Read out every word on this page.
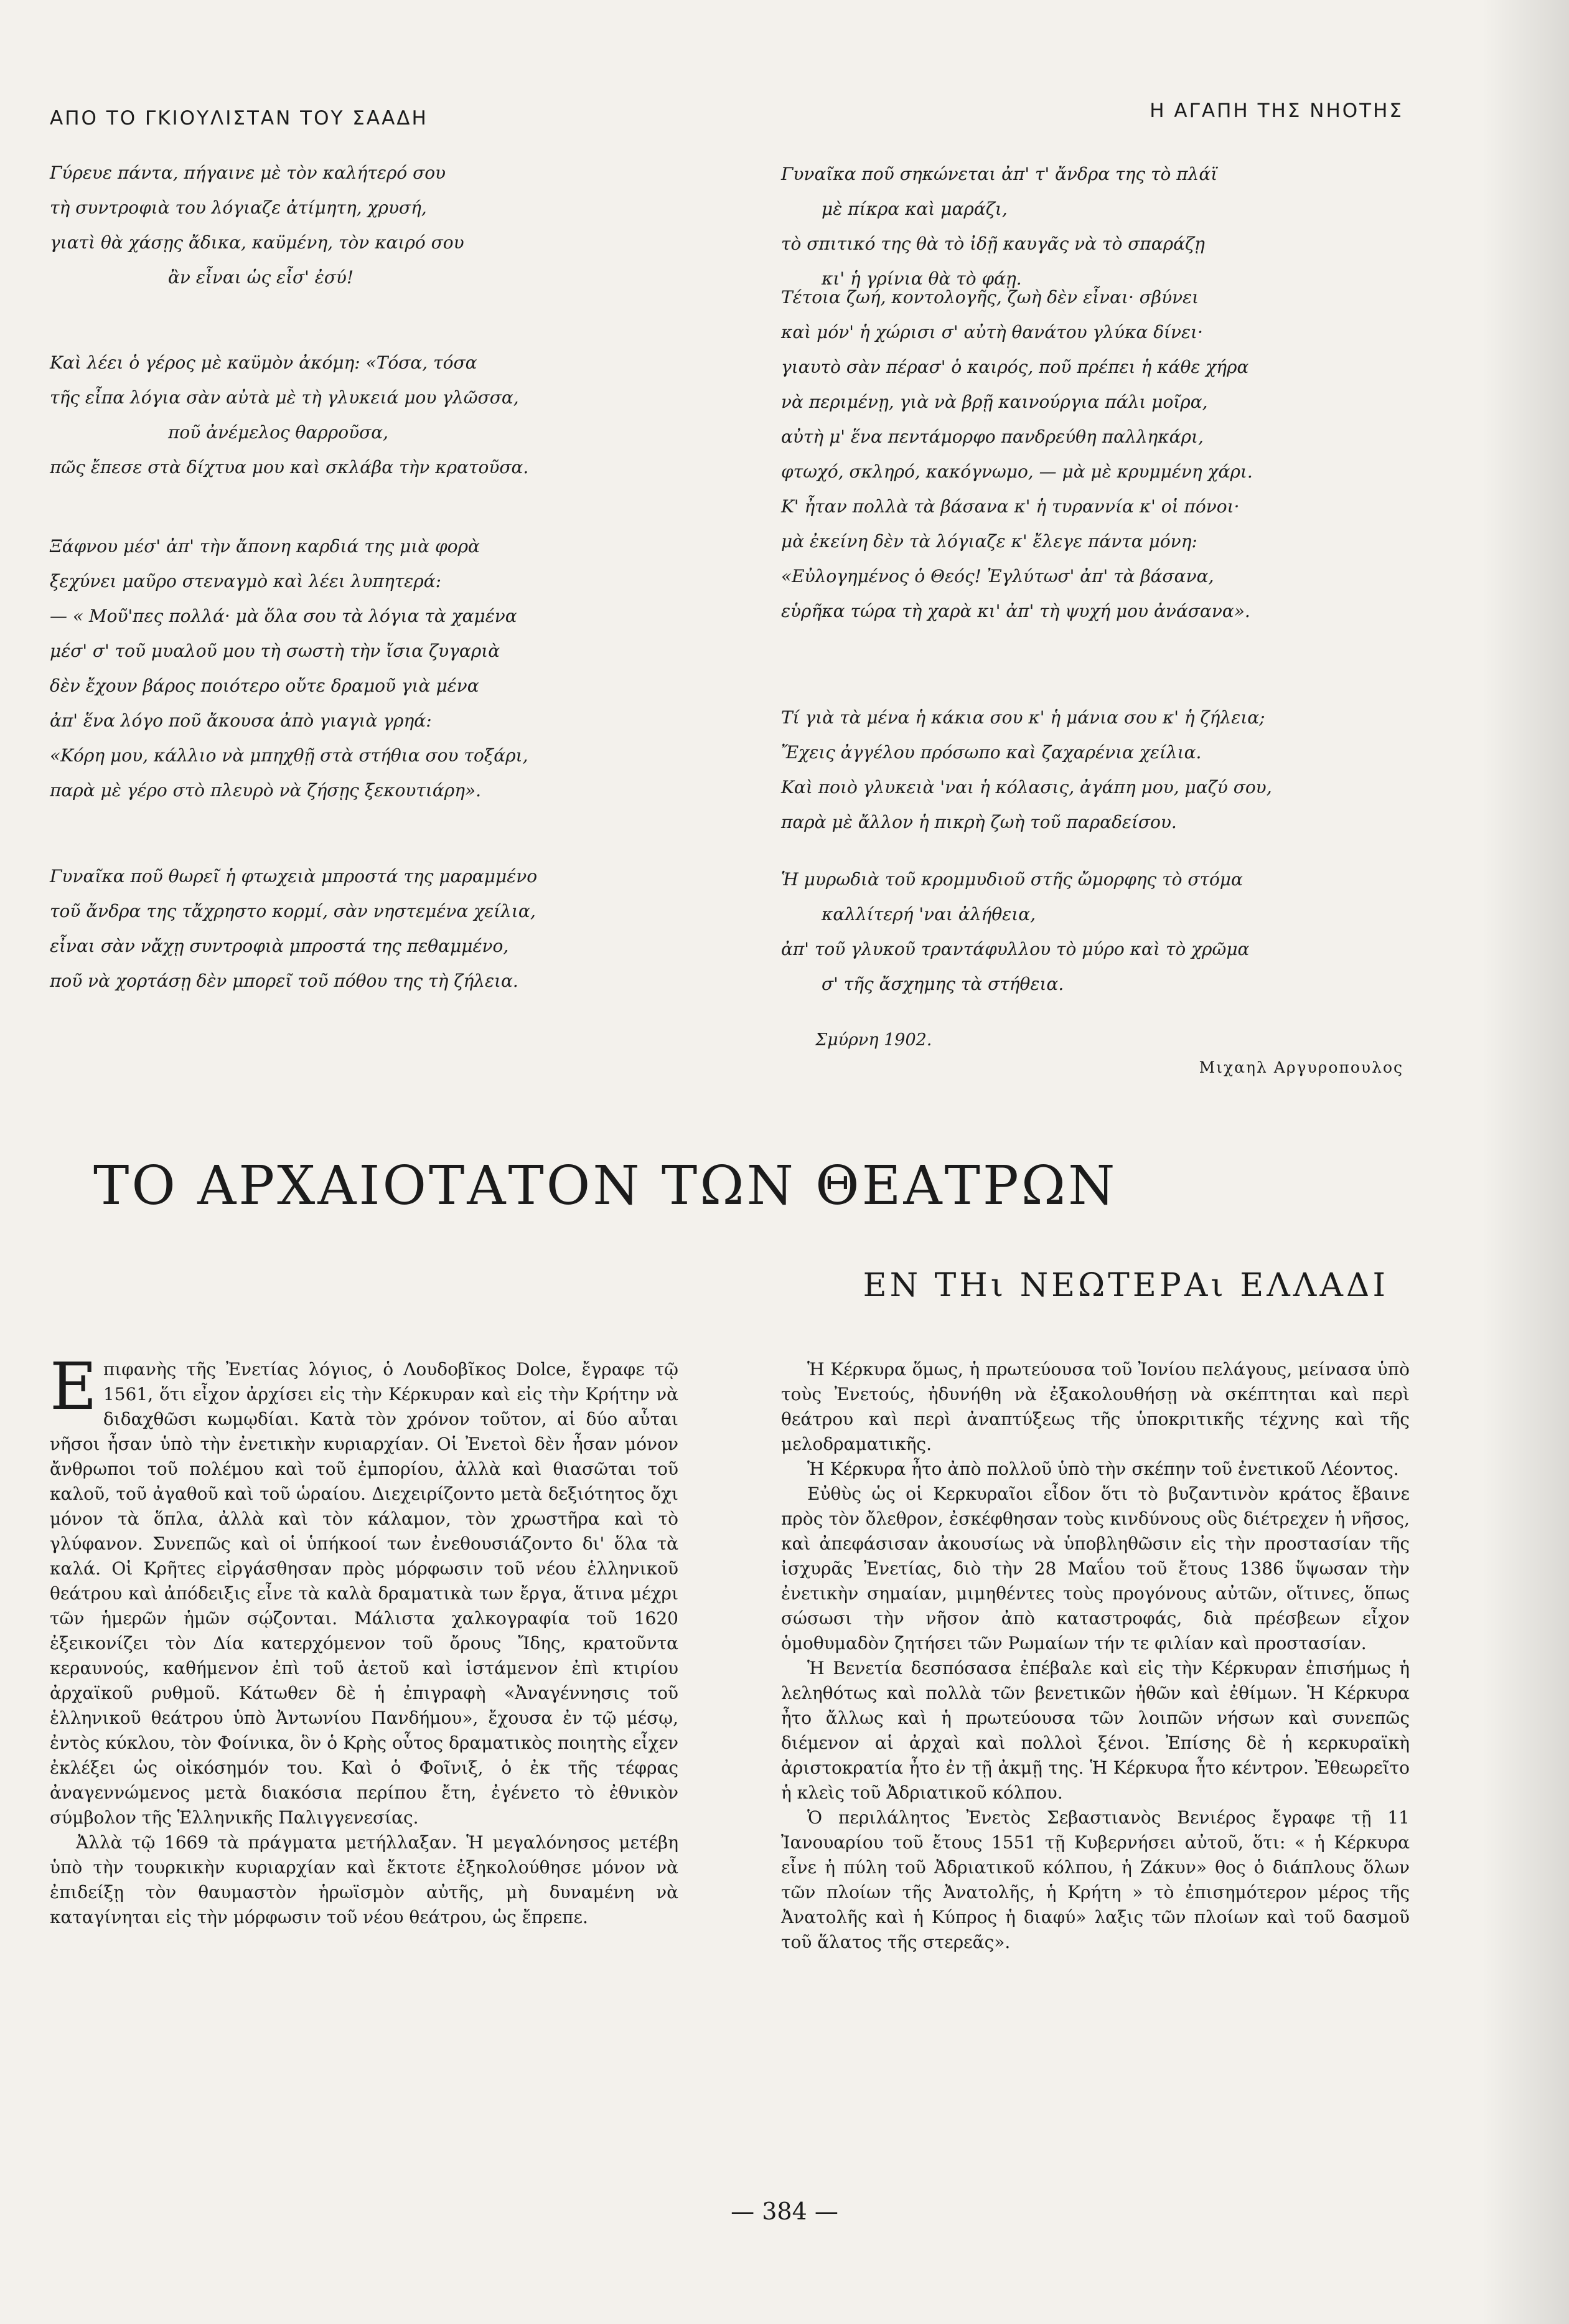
ΑΠΟ ΤΟ ΓΚΙΟΥΛΙΣΤΑΝ ΤΟΥ ΣΑΑΔΗ
Γύρευε πάντα, πήγαινε μὲ τὸν καλήτερό σου
τὴ συντροφιὰ του λόγιαζε ἀτίμητη, χρυσή,
γιατὶ θὰ χάσῃς ἄδικα, καϋμένη, τὸν καιρό σου
ἂν εἶναι ὡς εἶσ' ἐσύ!
Καὶ λέει ὁ γέρος μὲ καϋμὸν ἀκόμη: «Τόσα, τόσα
τῆς εἶπα λόγια σὰν αὐτὰ μὲ τὴ γλυκειά μου γλῶσσα,
ποῦ ἀνέμελος θαρροῦσα,
πῶς ἔπεσε στὰ δίχτυα μου καὶ σκλάβα τὴν κρατοῦσα.
Ξάφνου μέσ' ἀπ' τὴν ἄπονη καρδιά της μιὰ φορὰ
ξεχύνει μαῦρο στεναγμὸ καὶ λέει λυπητερά:
— « Μοῦ'πες πολλά· μὰ ὅλα σου τὰ λόγια τὰ χαμένα
μέσ' σ' τοῦ μυαλοῦ μου τὴ σωστὴ τὴν ἴσια ζυγαριὰ
δὲν ἔχουν βάρος ποιότερο οὔτε δραμοῦ γιὰ μένα
ἀπ' ἕνα λόγο ποῦ ἄκουσα ἀπὸ γιαγιὰ γρηά:
«Κόρη μου, κάλλιο νὰ μπηχθῇ στὰ στήθια σου τοξάρι,
παρὰ μὲ γέρο στὸ πλευρὸ νὰ ζήσῃς ξεκουτιάρη».
Γυναῖκα ποῦ θωρεῖ ἡ φτωχειὰ μπροστά της μαραμμένο
τοῦ ἄνδρα της τἄχρηστο κορμί, σὰν νηστεμένα χείλια,
εἶναι σὰν νἄχῃ συντροφιὰ μπροστά της πεθαμμένο,
ποῦ νὰ χορτάσῃ δὲν μπορεῖ τοῦ πόθου της τὴ ζήλεια.
Η ΑΓΑΠΗ ΤΗΣ ΝΗΟΤΗΣ
Γυναῖκα ποῦ σηκώνεται ἀπ' τ' ἄνδρα της τὸ πλάϊ
μὲ πίκρα καὶ μαράζι,
τὸ σπιτικό της θὰ τὸ ἰδῇ καυγᾶς νὰ τὸ σπαράζῃ
κι' ἡ γρίνια θὰ τὸ φάῃ.
Τέτοια ζωή, κοντολογῆς, ζωὴ δὲν εἶναι· σβύνει
καὶ μόν' ἡ χώρισι σ' αὐτὴ θανάτου γλύκα δίνει·
γιαυτὸ σὰν πέρασ' ὁ καιρός, ποῦ πρέπει ἡ κάθε χήρα
νὰ περιμένῃ, γιὰ νὰ βρῇ καινούργια πάλι μοῖρα,
αὐτὴ μ' ἕνα πεντάμορφο πανδρεύθη παλληκάρι,
φτωχό, σκληρό, κακόγνωμο, — μὰ μὲ κρυμμένη χάρι.
Κ' ἦταν πολλὰ τὰ βάσανα κ' ἡ τυραννία κ' οἱ πόνοι·
μὰ ἐκείνη δὲν τὰ λόγιαζε κ' ἔλεγε πάντα μόνη:
«Εὐλογημένος ὁ Θεός! Ἐγλύτωσ' ἀπ' τὰ βάσανα,
εὑρῆκα τώρα τὴ χαρὰ κι' ἀπ' τὴ ψυχή μου ἀνάσανα».
Τί γιὰ τὰ μένα ἡ κάκια σου κ' ἡ μάνια σου κ' ἡ ζήλεια;
Ἔχεις ἀγγέλου πρόσωπο καὶ ζαχαρένια χείλια.
Καὶ ποιὸ γλυκειὰ 'ναι ἡ κόλασις, ἀγάπη μου, μαζύ σου,
παρὰ μὲ ἄλλον ἡ πικρὴ ζωὴ τοῦ παραδείσου.
Ἡ μυρωδιὰ τοῦ κρομμυδιοῦ στῆς ὤμορφης τὸ στόμα
καλλίτερή 'ναι ἀλήθεια,
ἀπ' τοῦ γλυκοῦ τραντάφυλλου τὸ μύρο καὶ τὸ χρῶμα
σ' τῆς ἄσχημης τὰ στήθεια.
Σμύρνη 1902.
Μιχαηλ Αργυροπουλος
ΤΟ ΑΡΧΑΙΟΤΑΤΟΝ ΤΩΝ ΘΕΑΤΡΩΝ
ΕΝ ΤΗι ΝΕΩΤΕΡΑι ΕΛΛΑΔΙ

Επιφανὴς τῆς Ἐνετίας λόγιος, ὁ Λουδοβῖκος Dolce, ἔγραφε τῷ 1561, ὅτι εἶχον ἀρχίσει εἰς τὴν Κέρκυραν καὶ εἰς τὴν Κρήτην νὰ διδαχθῶσι κωμῳδίαι. Κατὰ τὸν χρόνον τοῦτον, αἱ δύο αὗται νῆσοι ἦσαν ὑπὸ τὴν ἐνετικὴν κυριαρχίαν. Οἱ Ἐνετοὶ δὲν ἦσαν μόνον ἄνθρωποι τοῦ πολέμου καὶ τοῦ ἐμπορίου, ἀλλὰ καὶ θιασῶται τοῦ καλοῦ, τοῦ ἀγαθοῦ καὶ τοῦ ὡραίου. Διεχειρίζοντο μετὰ δεξιότητος ὄχι μόνον τὰ ὅπλα, ἀλλὰ καὶ τὸν κάλαμον, τὸν χρωστῆρα καὶ τὸ γλύφανον. Συνεπῶς καὶ οἱ ὑπήκοοί των ἐνεθουσιάζοντο δι' ὅλα τὰ καλά. Οἱ Κρῆτες εἰργάσθησαν πρὸς μόρφωσιν τοῦ νέου ἑλληνικοῦ θεάτρου καὶ ἀπόδειξις εἶνε τὰ καλὰ δραματικὰ των ἔργα, ἅτινα μέχρι τῶν ἡμερῶν ἡμῶν σῴζονται. Μάλιστα χαλκογραφία τοῦ 1620 ἐξεικονίζει τὸν Δία κατερχόμενον τοῦ ὄρους Ἴδης, κρατοῦντα κεραυνούς, καθήμενον ἐπὶ τοῦ ἀετοῦ καὶ ἱστάμενον ἐπὶ κτιρίου ἀρχαϊκοῦ ρυθμοῦ. Κάτωθεν δὲ ἡ ἐπιγραφὴ «Ἀναγέννησις τοῦ ἑλληνικοῦ θεάτρου ὑπὸ Ἀντωνίου Πανδήμου», ἔχουσα ἐν τῷ μέσῳ, ἐντὸς κύκλου, τὸν Φοίνικα, ὃν ὁ Κρὴς οὗτος δραματικὸς ποιητὴς εἶχεν ἐκλέξει ὡς οἰκόσημόν του. Καὶ ὁ Φοῖνιξ, ὁ ἐκ τῆς τέφρας ἀναγεννώμενος μετὰ διακόσια περίπου ἔτη, ἐγένετο τὸ ἐθνικὸν σύμβολον τῆς Ἑλληνικῆς Παλιγγενεσίας.

Ἀλλὰ τῷ 1669 τὰ πράγματα μετήλλαξαν. Ἡ μεγαλόνησος μετέβη ὑπὸ τὴν τουρκικὴν κυριαρχίαν καὶ ἔκτοτε ἐξηκολούθησε μόνον νὰ ἐπιδείξῃ τὸν θαυμαστὸν ἡρωϊσμὸν αὐτῆς, μὴ δυναμένη νὰ καταγίνηται εἰς τὴν μόρφωσιν τοῦ νέου θεάτρου, ὡς ἔπρεπε.

Ἡ Κέρκυρα ὅμως, ἡ πρωτεύουσα τοῦ Ἰονίου πελάγους, μείνασα ὑπὸ τοὺς Ἐνετούς, ἠδυνήθη νὰ ἐξακολουθήσῃ νὰ σκέπτηται καὶ περὶ θεάτρου καὶ περὶ ἀναπτύξεως τῆς ὑποκριτικῆς τέχνης καὶ τῆς μελοδραματικῆς.

Ἡ Κέρκυρα ἦτο ἀπὸ πολλοῦ ὑπὸ τὴν σκέπην τοῦ ἐνετικοῦ Λέοντος.

Εὐθὺς ὡς οἱ Κερκυραῖοι εἶδον ὅτι τὸ βυζαντινὸν κράτος ἔβαινε πρὸς τὸν ὄλεθρον, ἐσκέφθησαν τοὺς κινδύνους οὓς διέτρεχεν ἡ νῆσος, καὶ ἀπεφάσισαν ἀκουσίως νὰ ὑποβληθῶσιν εἰς τὴν προστασίαν τῆς ἰσχυρᾶς Ἐνετίας, διὸ τὴν 28 Μαΐου τοῦ ἔτους 1386 ὕψωσαν τὴν ἐνετικὴν σημαίαν, μιμηθέντες τοὺς προγόνους αὐτῶν, οἵτινες, ὅπως σώσωσι τὴν νῆσον ἀπὸ καταστροφάς, διὰ πρέσβεων εἶχον ὁμοθυμαδὸν ζητήσει τῶν Ρωμαίων τήν τε φιλίαν καὶ προστασίαν.

Ἡ Βενετία δεσπόσασα ἐπέβαλε καὶ εἰς τὴν Κέρκυραν ἐπισήμως ἡ λεληθότως καὶ πολλὰ τῶν βενετικῶν ἠθῶν καὶ ἐθίμων. Ἡ Κέρκυρα ἦτο ἄλλως καὶ ἡ πρωτεύουσα τῶν λοιπῶν νήσων καὶ συνεπῶς διέμενον αἱ ἀρχαὶ καὶ πολλοὶ ξένοι. Ἐπίσης δὲ ἡ κερκυραϊκὴ ἀριστοκρατία ἦτο ἐν τῇ ἀκμῇ της. Ἡ Κέρκυρα ἦτο κέντρον. Ἐθεωρεῖτο ἡ κλεὶς τοῦ Ἀδριατικοῦ κόλπου.

Ὁ περιλάλητος Ἐνετὸς Σεβαστιανὸς Βενιέρος ἔγραφε τῇ 11 Ἰανουαρίου τοῦ ἔτους 1551 τῇ Κυβερνήσει αὐτοῦ, ὅτι: « ἡ Κέρκυρα εἶνε ἡ πύλη τοῦ Ἀδριατικοῦ κόλπου, ἡ Ζάκυν» θος ὁ διάπλους ὅλων τῶν πλοίων τῆς Ἀνατολῆς, ἡ Κρήτη » τὸ ἐπισημότερον μέρος τῆς Ἀνατολῆς καὶ ἡ Κύπρος ἡ διαφύ» λαξις τῶν πλοίων καὶ τοῦ δασμοῦ τοῦ ἅλατος τῆς στερεᾶς».

— 384 —
